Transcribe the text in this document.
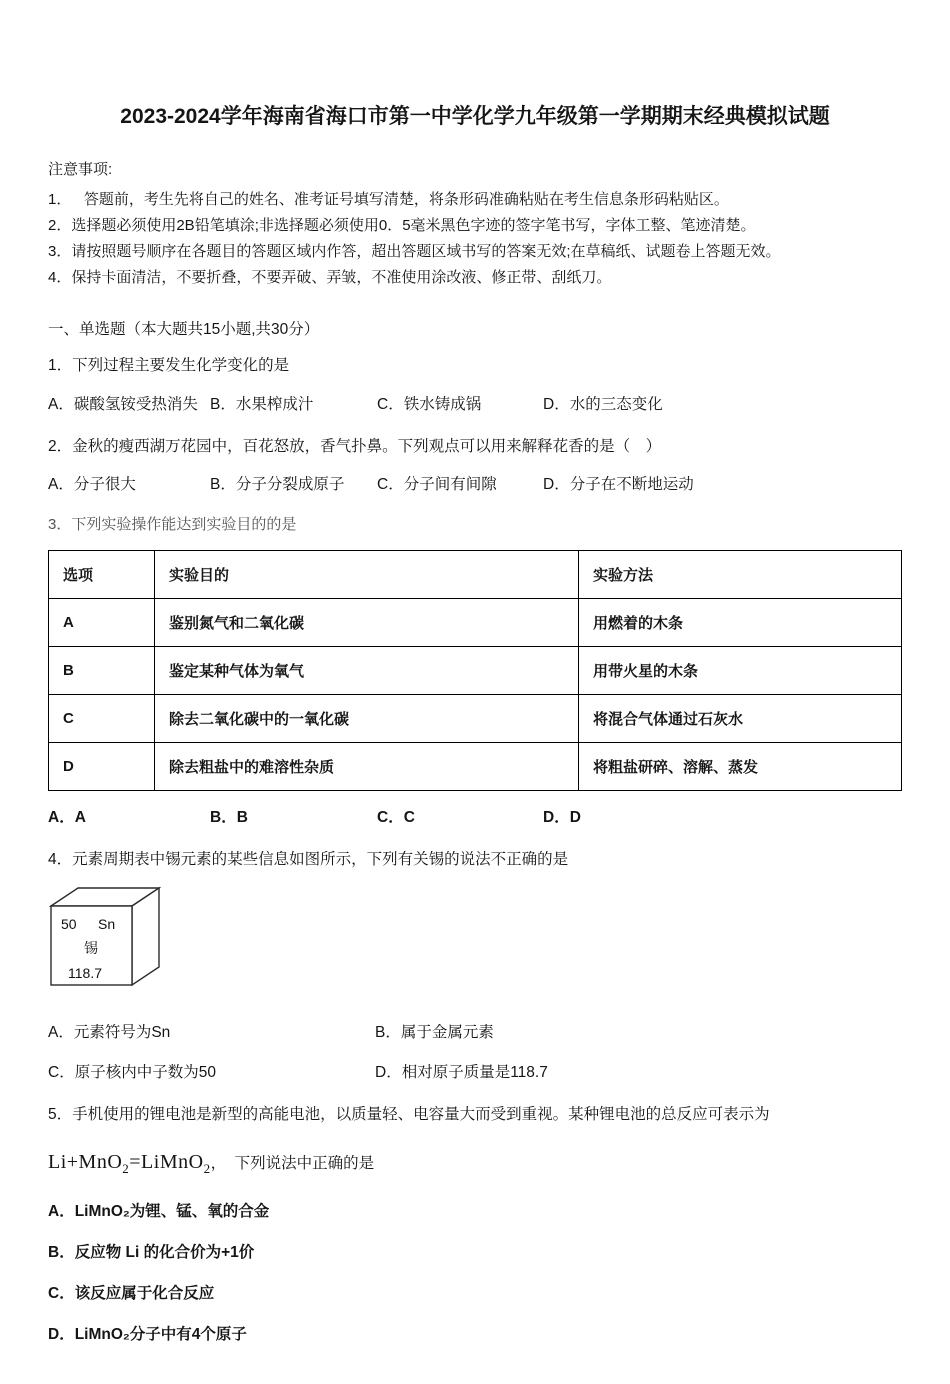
2023-2024学年海南省海口市第一中学化学九年级第一学期期末经典模拟试题
注意事项:
1．   答题前，考生先将自己的姓名、准考证号填写清楚，将条形码准确粘贴在考生信息条形码粘贴区。
2．选择题必须使用2B铅笔填涂;非选择题必须使用0．5毫米黑色字迹的签字笔书写，字体工整、笔迹清楚。
3．请按照题号顺序在各题目的答题区域内作答，超出答题区域书写的答案无效;在草稿纸、试题卷上答题无效。
4．保持卡面清洁，不要折叠，不要弄破、弄皱，不准使用涂改液、修正带、刮纸刀。
一、单选题（本大题共15小题,共30分）
1．下列过程主要发生化学变化的是
A．碳酸氢铵受热消失 B．水果榨成汁	C．铁水铸成锅	D．水的三态变化
2．金秋的瘦西湖万花园中，百花怒放，香气扑鼻。下列观点可以用来解释花香的是（　）
A．分子很大	B．分子分裂成原子	C．分子间有间隙	D．分子在不断地运动
3．下列实验操作能达到实验目的的是
选项	实验目的	实验方法
A	鉴别氮气和二氧化碳	用燃着的木条
B	鉴定某种气体为氧气	用带火星的木条
C	除去二氧化碳中的一氧化碳	将混合气体通过石灰水
D	除去粗盐中的难溶性杂质	将粗盐研碎、溶解、蒸发
A．A	B．B	C．C	D．D
4．元素周期表中锡元素的某些信息如图所示，下列有关锡的说法不正确的是
50 Sn
锡
118.7
A．元素符号为Sn	B．属于金属元素
C．原子核内中子数为50	D．相对原子质量是118.7
5．手机使用的锂电池是新型的高能电池，以质量轻、电容量大而受到重视。某种锂电池的总反应可表示为
Li+MnO$_2$=LiMnO$_2$ ，  下列说法中正确的是
A．LiMnO₂为锂、锰、氧的合金
B．反应物 Li 的化合价为+1价
C．该反应属于化合反应
D．LiMnO₂分子中有4个原子
